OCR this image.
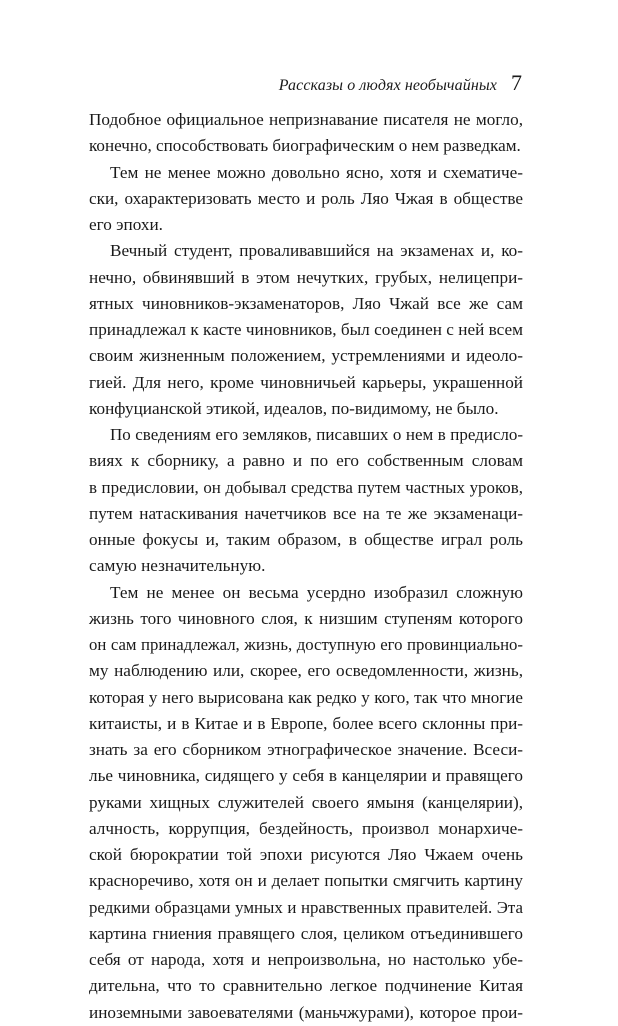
Рассказы о людях необычайных 7
Подобное официальное непризнавание писателя не могло,
конечно, способствовать биографическим о нем разведкам.
Тем не менее можно довольно ясно, хотя и схематиче-
ски, охарактеризовать место и роль Ляо Чжая в обществе
его эпохи.
Вечный студент, проваливавшийся на экзаменах и, ко-
нечно, обвинявший в этом нечутких, грубых, нелицепри-
ятных чиновников-экзаменаторов, Ляо Чжай все же сам
принадлежал к касте чиновников, был соединен с ней всем
своим жизненным положением, устремлениями и идеоло-
гией. Для него, кроме чиновничьей карьеры, украшенной
конфуцианской этикой, идеалов, по-видимому, не было.
По сведениям его земляков, писавших о нем в предисло-
виях к сборнику, а равно и по его собственным словам
в предисловии, он добывал средства путем частных уроков,
путем натаскивания начетчиков все на те же экзаменаци-
онные фокусы и, таким образом, в обществе играл роль
самую незначительную.
Тем не менее он весьма усердно изобразил сложную
жизнь того чиновного слоя, к низшим ступеням которого
он сам принадлежал, жизнь, доступную его провинциально-
му наблюдению или, скорее, его осведомленности, жизнь,
которая у него вырисована как редко у кого, так что многие
китаисты, и в Китае и в Европе, более всего склонны при-
знать за его сборником этнографическое значение. Всеси-
лье чиновника, сидящего у себя в канцелярии и правящего
руками хищных служителей своего ямыня (канцелярии),
алчность, коррупция, бездейность, произвол монархиче-
ской бюрократии той эпохи рисуются Ляо Чжаем очень
красноречиво, хотя он и делает попытки смягчить картину
редкими образцами умных и нравственных правителей. Эта
картина гниения правящего слоя, целиком отъединившего
себя от народа, хотя и непроизвольна, но настолько убе-
дительна, что то сравнительно легкое подчинение Китая
иноземными завоевателями (маньчжурами), которое прои-
